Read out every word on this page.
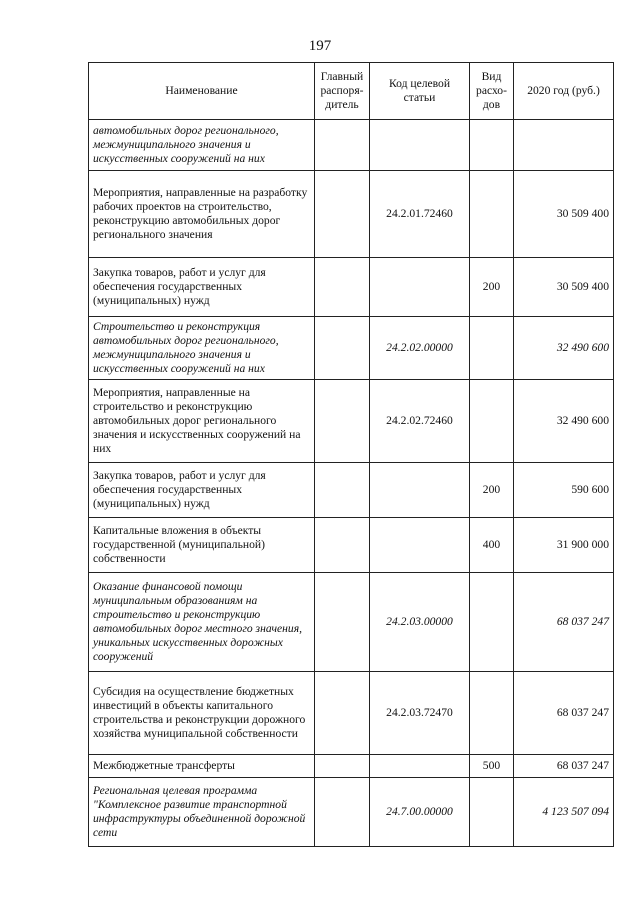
197
Наименование	Главный распоря-дитель	Код целевой статьи	Вид расхо-дов	2020 год (руб.)
автомобильных дорог регионального, межмуниципального значения и искусственных сооружений на них				
Мероприятия, направленные на разработку рабочих проектов на строительство, реконструкцию автомобильных дорог регионального значения		24.2.01.72460		30 509 400
Закупка товаров, работ и услуг для обеспечения государственных (муниципальных) нужд			200	30 509 400
Строительство и реконструкция автомобильных дорог регионального, межмуниципального значения и искусственных сооружений на них		24.2.02.00000		32 490 600
Мероприятия, направленные на строительство и реконструкцию автомобильных дорог регионального значения и искусственных сооружений на них		24.2.02.72460		32 490 600
Закупка товаров, работ и услуг для обеспечения государственных (муниципальных) нужд			200	590 600
Капитальные вложения в объекты государственной (муниципальной) собственности			400	31 900 000
Оказание финансовой помощи муниципальным образованиям на строительство и реконструкцию автомобильных дорог местного значения, уникальных искусственных дорожных сооружений		24.2.03.00000		68 037 247
Субсидия на осуществление бюджетных инвестиций в объекты капитального строительства и реконструкции дорожного хозяйства муниципальной собственности		24.2.03.72470		68 037 247
Межбюджетные трансферты			500	68 037 247
Региональная целевая программа "Комплексное развитие транспортной инфраструктуры объединенной дорожной сети		24.7.00.00000		4 123 507 094
